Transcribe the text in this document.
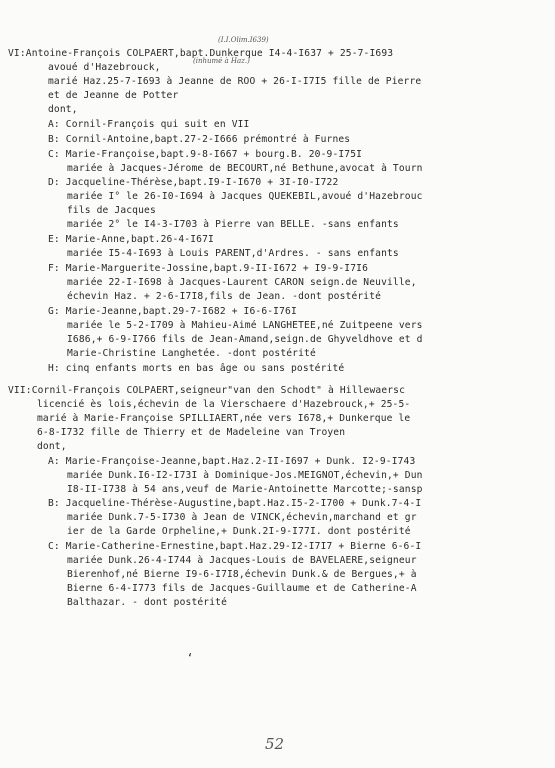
VI:Antoine-François COLPAERT,bapt.Dunkerque I4-4-I637 + 25-7-I693
avoué d'Hazebrouck,
marié Haz.25-7-I693 à Jeanne de ROO + 26-I-I7I5 fille de Pierre
et de Jeanne de Potter
dont,
A: Cornil-François qui suit en VII
B: Cornil-Antoine,bapt.27-2-I666 prémontré à Furnes
C: Marie-Françoise,bapt.9-8-I667 + bourg.B. 20-9-I75I
mariée à Jacques-Jérome de BECOURT,né Bethune,avocat à Tourn
D: Jacqueline-Thérèse,bapt.I9-I-I670 + 3I-I0-I722
mariée I° le 26-I0-I694 à Jacques QUEKEBIL,avoué d'Hazebrouc
fils de Jacques
mariée 2° le I4-3-I703 à Pierre van BELLE. -sans enfants
E: Marie-Anne,bapt.26-4-I67I
mariée I5-4-I693 à Louis PARENT,d'Ardres. - sans enfants
F: Marie-Marguerite-Jossine,bapt.9-II-I672 + I9-9-I7I6
mariée 22-I-I698 à Jacques-Laurent CARON seign.de Neuville,
échevin Haz. + 2-6-I7I8,fils de Jean. -dont postérité
G: Marie-Jeanne,bapt.29-7-I682 + I6-6-I76I
mariée le 5-2-I709 à Mahieu-Aimé LANGHETEE,né Zuitpeene vers
I686,+ 6-9-I766 fils de Jean-Amand,seign.de Ghyveldhove et d
Marie-Christine Langhetée. -dont postérité
H: cinq enfants morts en bas âge ou sans postérité
VII:Cornil-François COLPAERT,seigneur"van den Schodt" à Hillewaersc
licencié ès lois,échevin de la Vierschaere d'Hazebrouck,+ 25-5-
marié à Marie-Françoise SPILLIAERT,née vers I678,+ Dunkerque le
6-8-I732 fille de Thierry et de Madeleine van Troyen
dont,
A: Marie-Françoise-Jeanne,bapt.Haz.2-II-I697 + Dunk. I2-9-I743
mariée Dunk.I6-I2-I73I à Dominique-Jos.MEIGNOT,échevin,+ Dun
I8-II-I738 à 54 ans,veuf de Marie-Antoinette Marcotte;-sansp
B: Jacqueline-Thérèse-Augustine,bapt.Haz.I5-2-I700 + Dunk.7-4-I
mariée Dunk.7-5-I730 à Jean de VINCK,échevin,marchand et gr
ier de la Garde Orpheline,+ Dunk.2I-9-I77I. dont postérité
C: Marie-Catherine-Ernestine,bapt.Haz.29-I2-I7I7 + Bierne 6-6-I
mariée Dunk.26-4-I744 à Jacques-Louis de BAVELAERE,seigneur
Bierenhof,né Bierne I9-6-I7I8,échevin Dunk.& de Bergues,+ à
Bierne 6-4-I773 fils de Jacques-Guillaume et de Catherine-A
Balthazar. - dont postérité
(I.I.Olim.I639)
(inhumé à Haz.)
‘
52
